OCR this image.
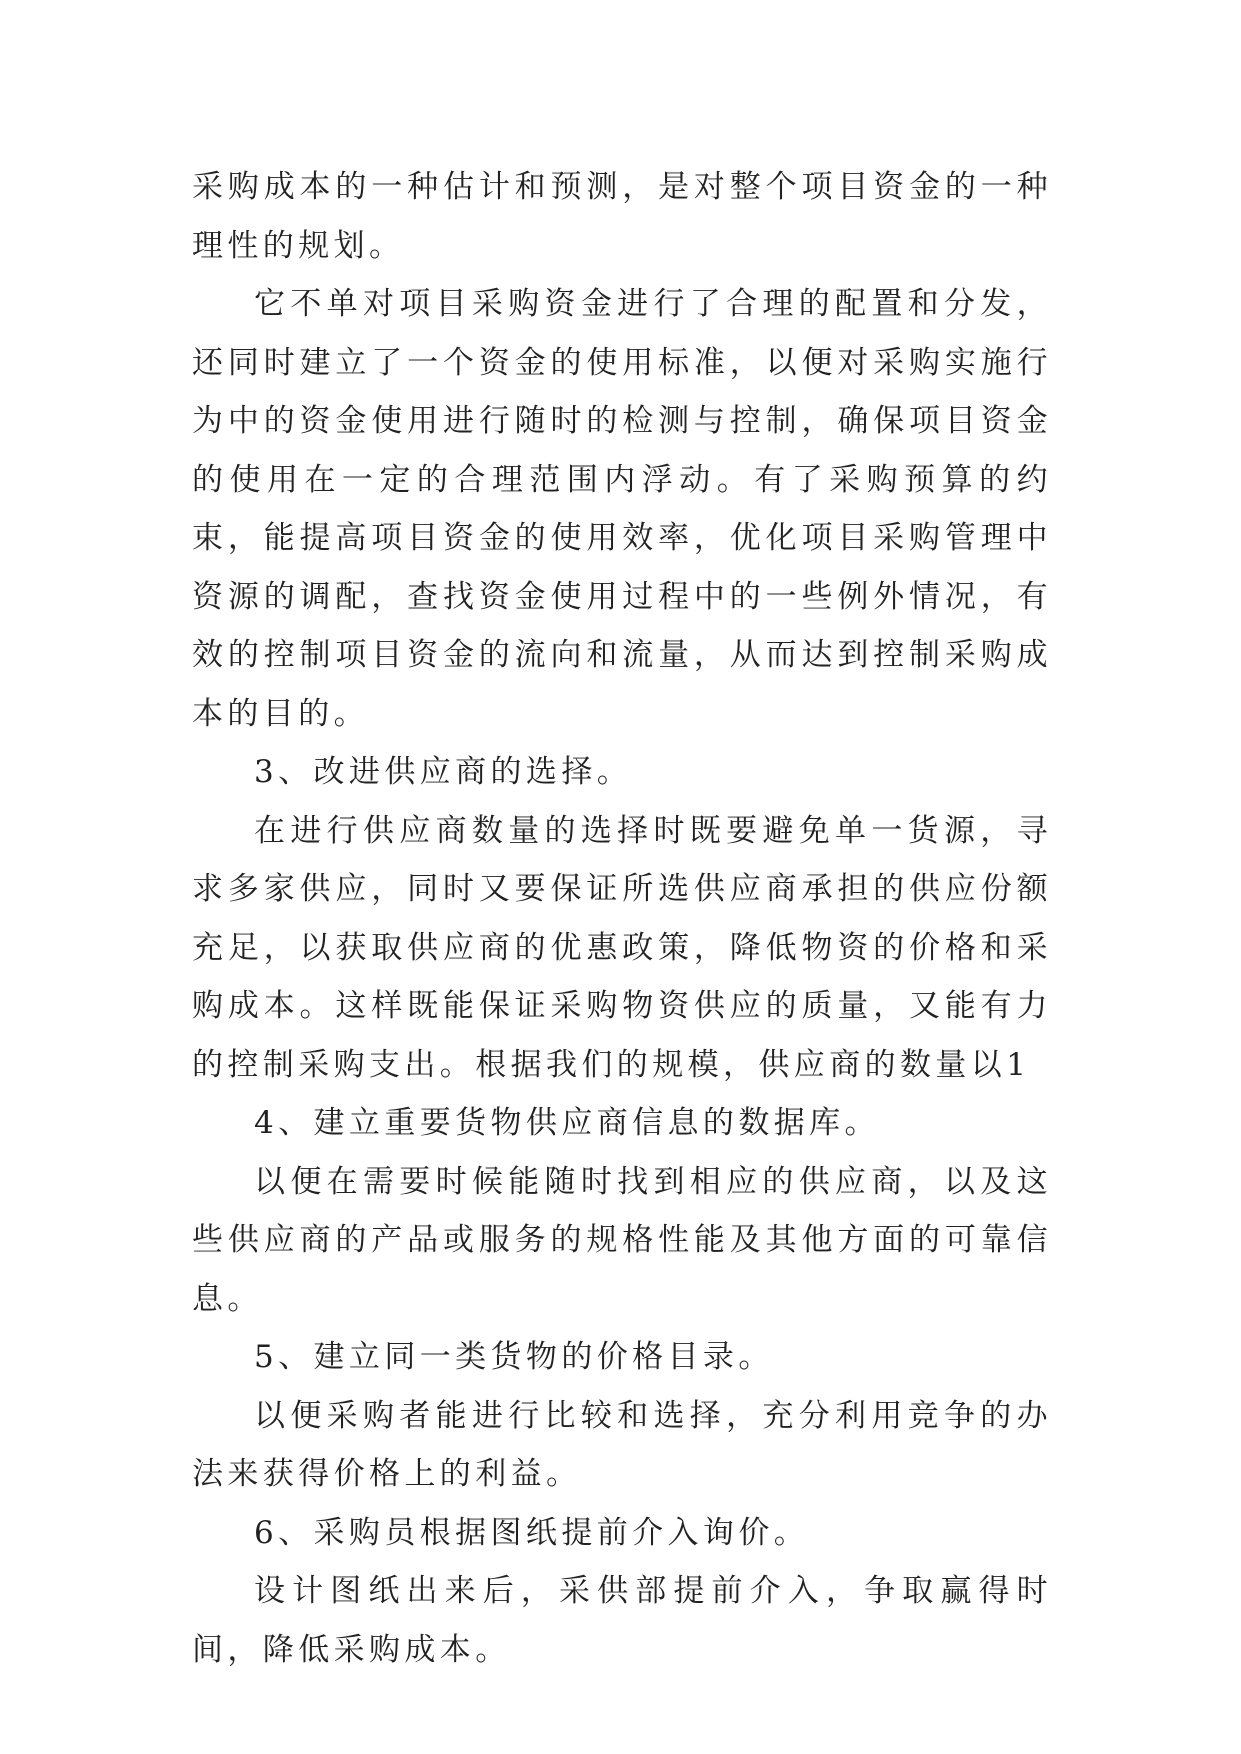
采购成本的一种估计和预测，是对整个项目资金的一种理性的规划。

它不单对项目采购资金进行了合理的配置和分发，还同时建立了一个资金的使用标准，以便对采购实施行为中的资金使用进行随时的检测与控制，确保项目资金的使用在一定的合理范围内浮动。有了采购预算的约束，能提高项目资金的使用效率，优化项目采购管理中资源的调配，查找资金使用过程中的一些例外情况，有效的控制项目资金的流向和流量，从而达到控制采购成本的目的。

3、改进供应商的选择。

在进行供应商数量的选择时既要避免单一货源，寻求多家供应，同时又要保证所选供应商承担的供应份额充足，以获取供应商的优惠政策，降低物资的价格和采购成本。这样既能保证采购物资供应的质量，又能有力的控制采购支出。根据我们的规模，供应商的数量以1

4、建立重要货物供应商信息的数据库。

以便在需要时候能随时找到相应的供应商，以及这些供应商的产品或服务的规格性能及其他方面的可靠信息。

5、建立同一类货物的价格目录。

以便采购者能进行比较和选择，充分利用竞争的办法来获得价格上的利益。

6、采购员根据图纸提前介入询价。

设计图纸出来后，采供部提前介入，争取赢得时间，降低采购成本。
